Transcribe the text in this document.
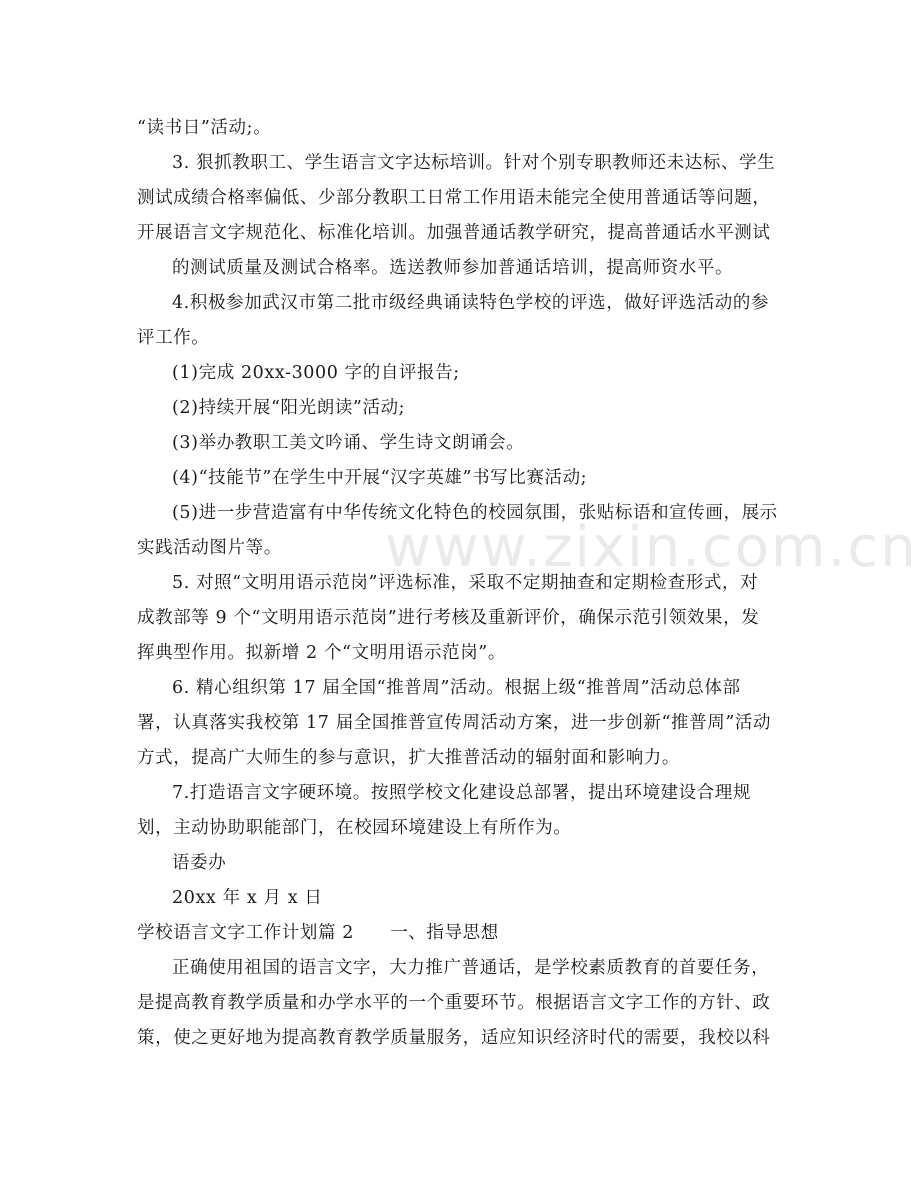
www.zixin.com.cn
“读书日”活动;。
3. 狠抓教职工、学生语言文字达标培训。针对个别专职教师还未达标、学生
测试成绩合格率偏低、少部分教职工日常工作用语未能完全使用普通话等问题，
开展语言文字规范化、标准化培训。加强普通话教学研究，提高普通话水平测试
的测试质量及测试合格率。选送教师参加普通话培训，提高师资水平。
4.积极参加武汉市第二批市级经典诵读特色学校的评选，做好评选活动的参
评工作。
(1)完成 20xx-3000 字的自评报告;
(2)持续开展“阳光朗读”活动;
(3)举办教职工美文吟诵、学生诗文朗诵会。
(4)“技能节”在学生中开展“汉字英雄”书写比赛活动;
(5)进一步营造富有中华传统文化特色的校园氛围，张贴标语和宣传画，展示
实践活动图片等。
5. 对照“文明用语示范岗”评选标准，采取不定期抽查和定期检查形式，对
成教部等 9 个“文明用语示范岗”进行考核及重新评价，确保示范引领效果，发
挥典型作用。拟新增 2 个“文明用语示范岗”。
6. 精心组织第 17 届全国“推普周”活动。根据上级“推普周”活动总体部
署，认真落实我校第 17 届全国推普宣传周活动方案，进一步创新“推普周”活动
方式，提高广大师生的参与意识，扩大推普活动的辐射面和影响力。
7.打造语言文字硬环境。按照学校文化建设总部署，提出环境建设合理规
划，主动协助职能部门，在校园环境建设上有所作为。
语委办
20xx 年 x 月 x 日
学校语言文字工作计划篇 2　　一、指导思想
正确使用祖国的语言文字，大力推广普通话，是学校素质教育的首要任务，
是提高教育教学质量和办学水平的一个重要环节。根据语言文字工作的方针、政
策，使之更好地为提高教育教学质量服务，适应知识经济时代的需要，我校以科
